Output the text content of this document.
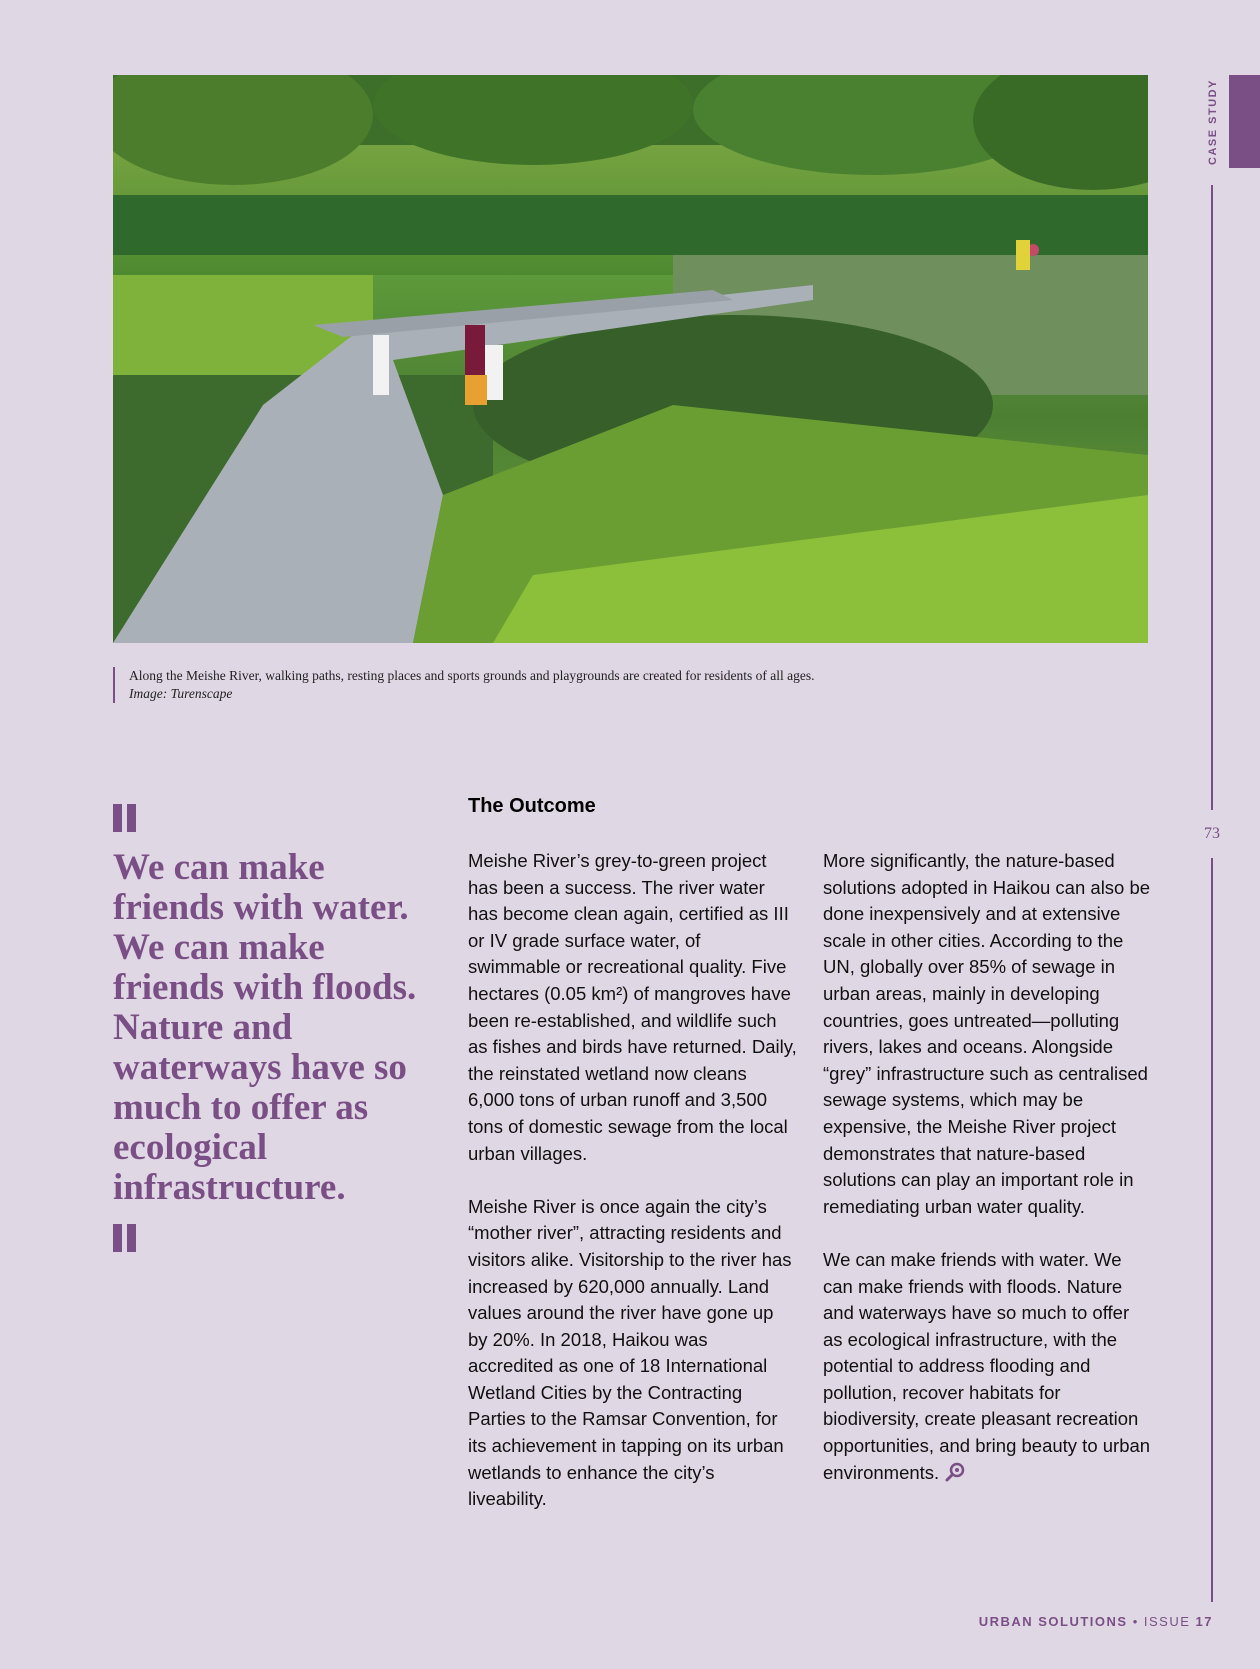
Along the Meishe River, walking paths, resting places and sports grounds and playgrounds are created for residents of all ages.
Image: Turenscape
CASE STUDY
73
We can make friends with water. We can make friends with floods. Nature and waterways have so much to offer as ecological infrastructure.
The Outcome

Meishe River’s grey-to-green project has been a success. The river water has become clean again, certified as III or IV grade surface water, of swimmable or recreational quality. Five hectares (0.05 km²) of mangroves have been re-established, and wildlife such as fishes and birds have returned. Daily, the reinstated wetland now cleans 6,000 tons of urban runoff and 3,500 tons of domestic sewage from the local urban villages.

Meishe River is once again the city’s “mother river”, attracting residents and visitors alike. Visitorship to the river has increased by 620,000 annually. Land values around the river have gone up by 20%. In 2018, Haikou was accredited as one of 18 International Wetland Cities by the Contracting Parties to the Ramsar Convention, for its achievement in tapping on its urban wetlands to enhance the city’s liveability.

More significantly, the nature-based solutions adopted in Haikou can also be done inexpensively and at extensive scale in other cities. According to the UN, globally over 85% of sewage in urban areas, mainly in developing countries, goes untreated—polluting rivers, lakes and oceans. Alongside “grey” infrastructure such as centralised sewage systems, which may be expensive, the Meishe River project demonstrates that nature-based solutions can play an important role in remediating urban water quality.

We can make friends with water. We can make friends with floods. Nature and waterways have so much to offer as ecological infrastructure, with the potential to address flooding and pollution, recover habitats for biodiversity, create pleasant recreation opportunities, and bring beauty to urban environments.

URBAN SOLUTIONS • ISSUE 17
